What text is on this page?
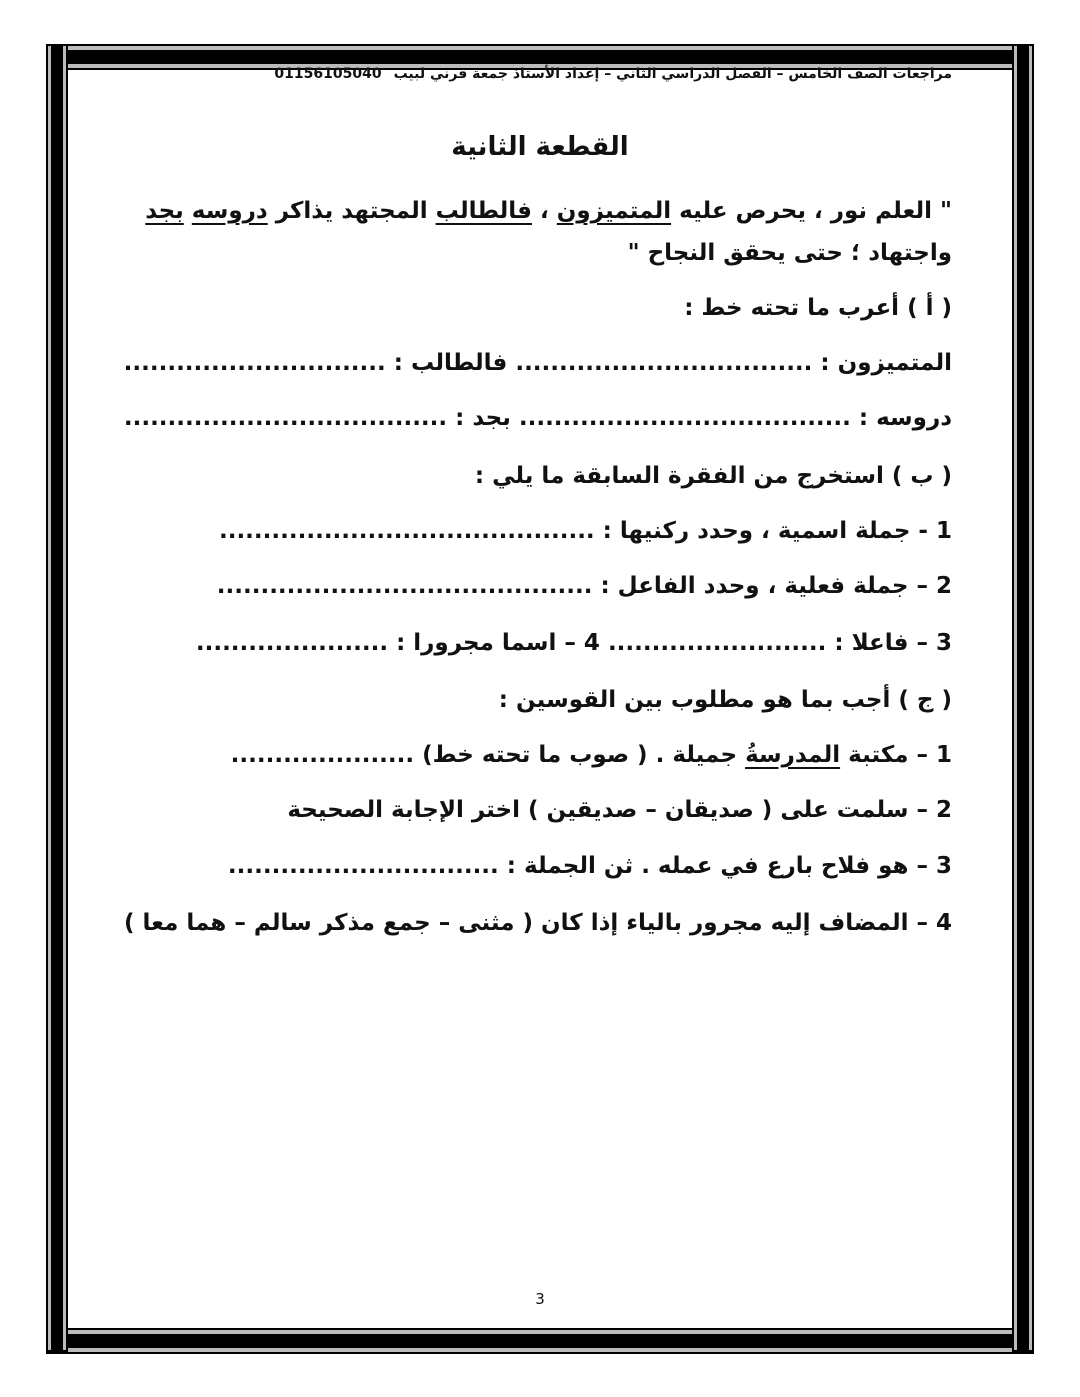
مراجعات الصف الخامس – الفصل الدراسي الثاني – إعداد الأستاذ جمعة قرني لبيب01156105040
القطعة الثانية
" العلم نور ، يحرص عليه المتميزون ، فالطالب المجتهد يذاكر دروسه بجد
واجتهاد ؛ حتى يحقق النجاح "
( أ ) أعرب ما تحته خط :
المتميزون : .................................. فالطالب : ..............................
دروسه : ...................................... بجد : .....................................
( ب ) استخرج من الفقرة السابقة ما يلي :
1 - جملة اسمية ، وحدد ركنيها : ...........................................
2 – جملة فعلية ، وحدد الفاعل : ...........................................
3 – فاعلا : ......................... 4 – اسما مجرورا : ......................
( ج ) أجب بما هو مطلوب بين القوسين :
1 – مكتبة المدرسةُ جميلة . ( صوب ما تحته خط) .....................
2 – سلمت على ( صديقان – صديقين ) اختر الإجابة الصحيحة
3 – هو فلاح بارع في عمله . ثن الجملة : ...............................
4 – المضاف إليه مجرور بالياء إذا كان ( مثنى – جمع مذكر سالم – هما معا )
3
